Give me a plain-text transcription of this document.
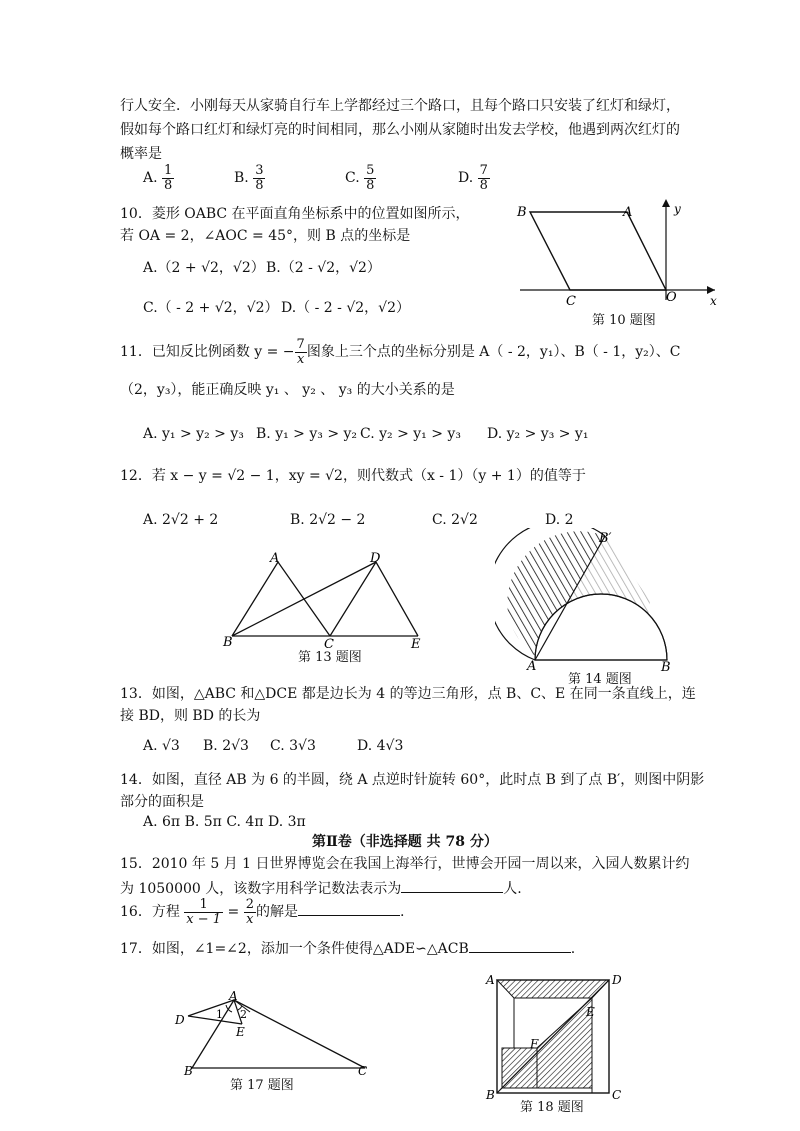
行人安全．小刚每天从家骑自行车上学都经过三个路口，且每个路口只安装了红灯和绿灯，
假如每个路口红灯和绿灯亮的时间相同，那么小刚从家随时出发去学校，他遇到两次红灯的
概率是
A. $\frac{1}{8}$	B. $\frac{3}{8}$	C. $\frac{5}{8}$	D. $\frac{7}{8}$
10．菱形 OABC 在平面直角坐标系中的位置如图所示，
若 OA = 2，∠AOC = 45°，则 B 点的坐标是
A.（2 + √2，√2） B.（2 - √2，√2）
C.（ - 2 + √2，√2） D.（ - 2 - √2，√2）
B	A
C	O	x
y
第 10 题图
11．已知反比例函数 y = − $\frac{7}{x}$ 图象上三个点的坐标分别是 A（ - 2，y₁）、B（ - 1，y₂）、C
（2，y₃），能正确反映 y₁ 、 y₂ 、 y₃ 的大小关系的是
A. y₁ > y₂ > y₃ B. y₁ > y₃ > y₂ C. y₂ > y₁ > y₃ D. y₂ > y₃ > y₁
12．若 x − y = √2 − 1，xy = √2，则代数式（x - 1）（y + 1）的值等于
A. 2√2 + 2	B. 2√2 − 2	C. 2√2	D. 2
A
B	C
D
E
第 13 题图
A	B
B′
第 14 题图
13．如图，△ABC 和△DCE 都是边长为 4 的等边三角形，点 B、C、E 在同一条直线上，连
接 BD，则 BD 的长为
A. √3 B. 2√3 C. 3√3	D. 4√3
14．如图，直径 AB 为 6 的半圆，绕 A 点逆时针旋转 60°，此时点 B 到了点 B′，则图中阴影
部分的面积是
A. 6π B. 5π C. 4π D. 3π
第Ⅱ卷（非选择题 共 78 分）
15．2010 年 5 月 1 日世界博览会在我国上海举行，世博会开园一周以来，入园人数累计约
为 1050000 人，该数字用科学记数法表示为	人.
16．方程 $\frac{1}{x - 1} = \frac{2}{x}$ 的解是	.
17．如图，∠1=∠2，添加一个条件使得△ADE∽△ACB	.
A
B	C
D
E
1 2
第 17 题图
A
B	C
D
E
F
第 18 题图
